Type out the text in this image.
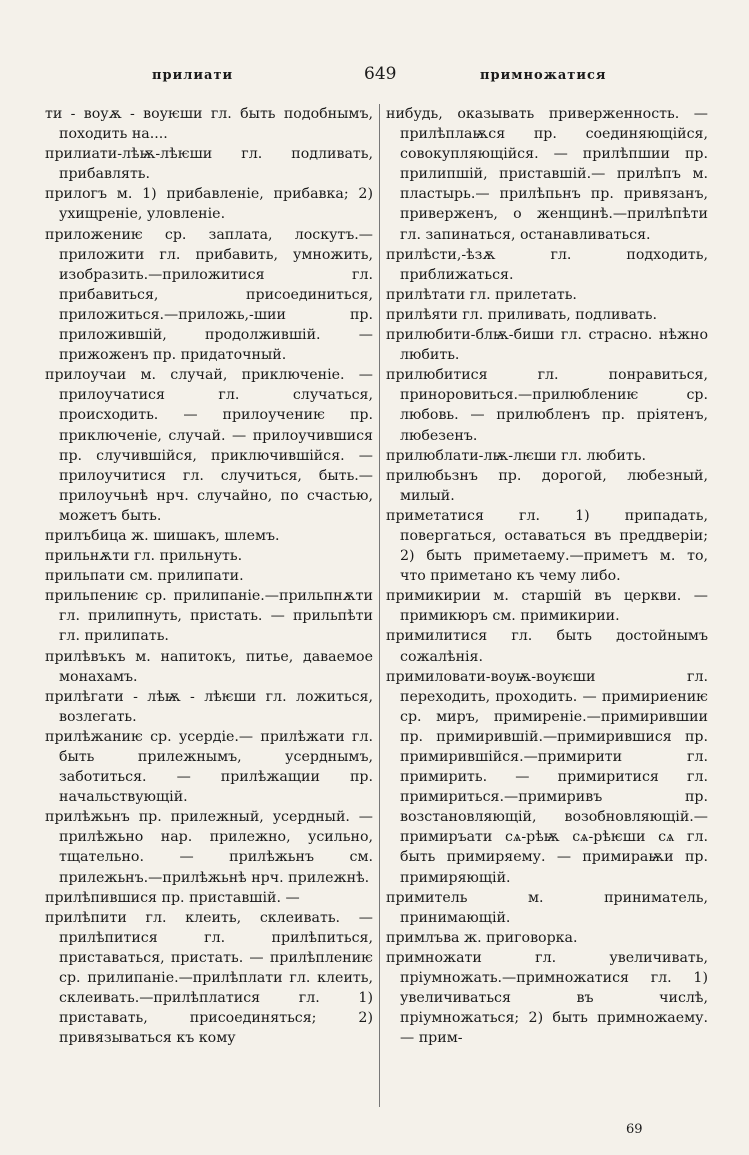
прилиати	649	примножатися

ти - воуѫ - воуѥши гл. быть подобнымъ, походить на....

прилиати-лѣѭ-лѣѥши гл. подливать, прибавлять.

прилогъ м. 1) прибавленіе, прибавка; 2) ухищреніе, уловленіе.

приложениѥ ср. заплата, лоскутъ.— приложити гл. прибавить, умножить, изобразить.—приложитися гл. прибавиться, присоединиться, приложиться.—приложь,-шии пр. приложившій, продолжившій. — прижоженъ пр. придаточный.

прилоучаи м. случай, приключеніе. —прилоучатися гл. случаться, происходить. — прилоучениѥ пр. приключеніе, случай. — прилоучившися пр. случившійся, приключившійся. — прилоучитися гл. случиться, быть.—прилоучьнѣ нрч. случайно, по счастью, можетъ быть.

прилъбица ж. шишакъ, шлемъ.

прильнѫти гл. прильнуть.

прильпати см. прилипати.

прильпениѥ ср. прилипаніе.—прильпнѫти гл. прилипнуть, пристать. — прильпѣти гл. прилипать.

прилѣвъкъ м. напитокъ, питье, даваемое монахамъ.

прилѣгати - лѣѭ - лѣѥши гл. ложиться, возлегать.

прилѣжаниѥ ср. усердіе.— прилѣжати гл. быть прилежнымъ, усерднымъ, заботиться. — прилѣжащии пр. начальствующій.

прилѣжьнъ пр. прилежный, усердный. —прилѣжьно нар. прилежно, усильно, тщательно. — прилѣжьнъ см. прилежьнъ.—прилѣжьнѣ нрч. прилежнѣ.

прилѣпившися пр. приставшій. —

прилѣпити гл. клеить, склеивать. — прилѣпитися гл. прилѣпиться, приставаться, пристать. — прилѣплениѥ ср. прилипаніе.—прилѣплати гл. клеить, склеивать.—прилѣплатися гл. 1) приставать, присоединяться; 2) привязываться къ кому

нибудь, оказывать приверженность. —прилѣплаѭся пр. соединяющійся, совокупляющійся. — прилѣпшии пр. прилипшій, приставшій.— прилѣпъ м. пластырь.— прилѣпьнъ пр. привязанъ, приверженъ, о женщинѣ.—прилѣпѣти гл. запинаться, останавливаться.

прилѣсти,-ѣзѫ гл. подходить, приближаться.

прилѣтати гл. прилетать.

прилѣяти гл. приливать, подливать.

прилюбити-блѭ-биши гл. страсно. нѣжно любить.

прилюбитися гл. понравиться, приноровиться.—прилюблениѥ ср. любовь. — прилюбленъ пр. пріятенъ, любезенъ.

прилюблати-лѭ-лѥши гл. любить.

прилюбьзнъ пр. дорогой, любезный, милый.

приметатися гл. 1) припадать, повергаться, оставаться въ преддверіи; 2) быть приметаему.—приметъ м. то, что приметано къ чему либо.

примикирии м. старшій въ церкви. —примикюръ см. примикирии.

примилитися гл. быть достойнымъ сожалѣнія.

примиловати-воуѭ-воуѥши гл. переходить, проходить. — примириениѥ ср. миръ, примиреніе.—примирившии пр. примирившій.—примирившися пр. примирившійся.—примирити гл. примирить. — примиритися гл. примириться.—примиривъ пр. возстановляющій, возобновляющій.—примиръати сѧ-рѣѭ сѧ-рѣѥши сѧ гл. быть примиряему. — примираѭи пр. примиряющій.

примитель м. приниматель, принимающій.

примлъва ж. приговорка.

примножати гл. увеличивать, пріумножать.—примножатися гл. 1) увеличиваться въ числѣ, пріумножаться; 2) быть примножаему. — прим-

69
